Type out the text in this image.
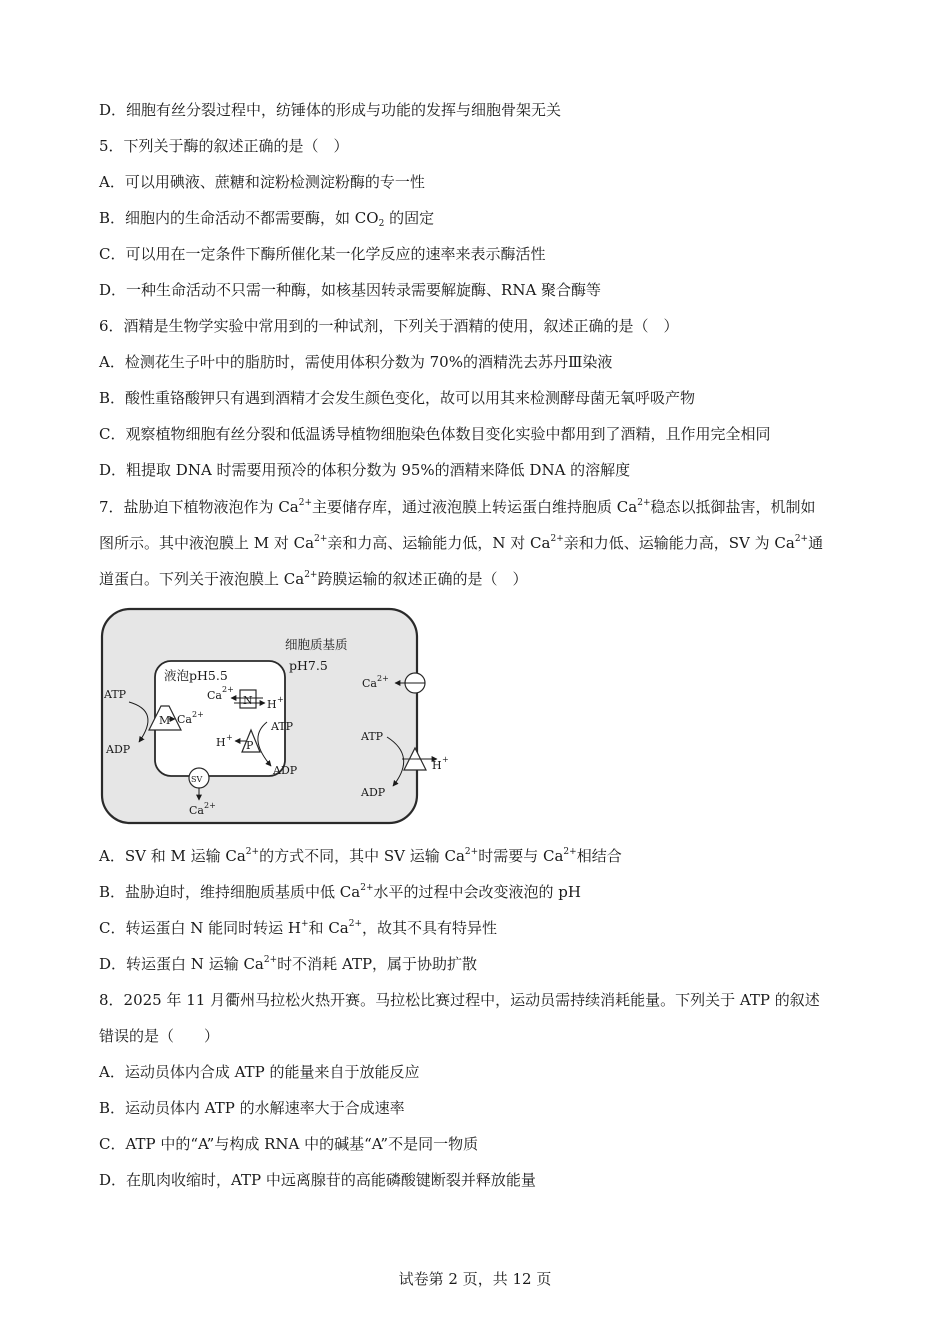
D．细胞有丝分裂过程中，纺锤体的形成与功能的发挥与细胞骨架无关
5．下列关于酶的叙述正确的是（　）
A．可以用碘液、蔗糖和淀粉检测淀粉酶的专一性
B．细胞内的生命活动不都需要酶，如 $CO_2$ 的固定
C．可以用在一定条件下酶所催化某一化学反应的速率来表示酶活性
D．一种生命活动不只需一种酶，如核基因转录需要解旋酶、RNA 聚合酶等
6．酒精是生物学实验中常用到的一种试剂，下列关于酒精的使用，叙述正确的是（　）
A．检测花生子叶中的脂肪时，需使用体积分数为 70%的酒精洗去苏丹Ⅲ染液
B．酸性重铬酸钾只有遇到酒精才会发生颜色变化，故可以用其来检测酵母菌无氧呼吸产物
C．观察植物细胞有丝分裂和低温诱导植物细胞染色体数目变化实验中都用到了酒精，且作用完全相同
D．粗提取 DNA 时需要用预冷的体积分数为 95%的酒精来降低 DNA 的溶解度
7．盐胁迫下植物液泡作为 $Ca^{2+}$主要储存库，通过液泡膜上转运蛋白维持胞质 $Ca^{2+}$稳态以抵御盐害，机制如
图所示。其中液泡膜上 M 对 $Ca^{2+}$亲和力高、运输能力低，N 对 $Ca^{2+}$亲和力低、运输能力高，SV 为 $Ca^{2+}$通
道蛋白。下列关于液泡膜上 $Ca^{2+}$跨膜运输的叙述正确的是（　）
细胞质基质
pH7.5
液泡pH5.5
M
ATP
ADP
Ca 2+
N
Ca 2+
H +
P
ATP
ADP
H +
SV
Ca 2+
Ca 2+
ATP
ADP
H +
A．SV 和 M 运输 $Ca^{2+}$的方式不同，其中 SV 运输 $Ca^{2+}$时需要与 $Ca^{2+}$相结合
B．盐胁迫时，维持细胞质基质中低 $Ca^{2+}$水平的过程中会改变液泡的 pH
C．转运蛋白 N 能同时转运 H+和 $Ca^{2+}$，故其不具有特异性
D．转运蛋白 N 运输 $Ca^{2+}$时不消耗 ATP，属于协助扩散
8．2025 年 11 月衢州马拉松火热开赛。马拉松比赛过程中，运动员需持续消耗能量。下列关于 ATP 的叙述
错误的是（　　）
A．运动员体内合成 ATP 的能量来自于放能反应
B．运动员体内 ATP 的水解速率大于合成速率
C．ATP 中的“A”与构成 RNA 中的碱基“A”不是同一物质
D．在肌肉收缩时，ATP 中远离腺苷的高能磷酸键断裂并释放能量
试卷第 2 页，共 12 页
